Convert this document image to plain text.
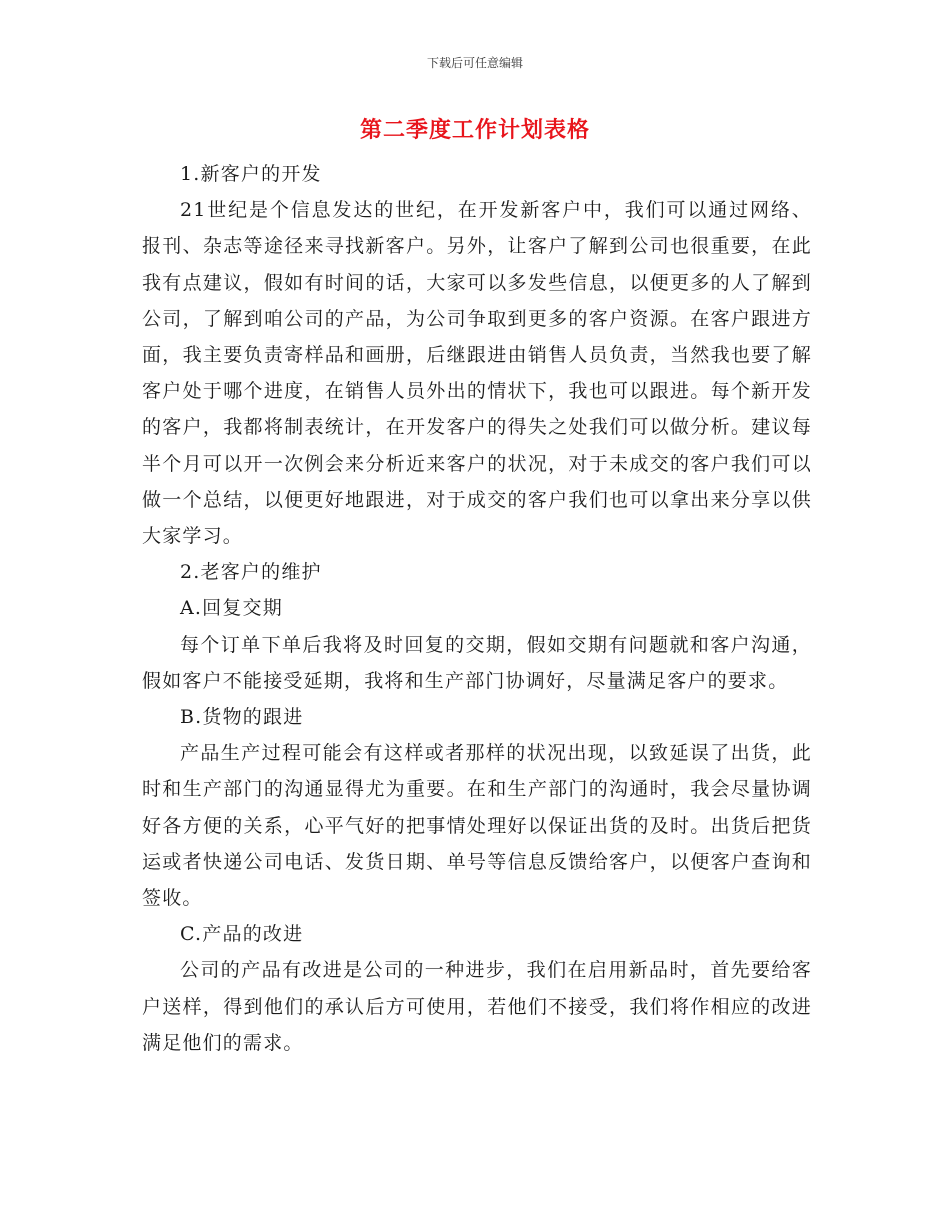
下载后可任意编辑
第二季度工作计划表格

1.新客户的开发

21世纪是个信息发达的世纪，在开发新客户中，我们可以通过网络、报刊、杂志等途径来寻找新客户。另外，让客户了解到公司也很重要，在此我有点建议，假如有时间的话，大家可以多发些信息，以便更多的人了解到公司，了解到咱公司的产品，为公司争取到更多的客户资源。在客户跟进方面，我主要负责寄样品和画册，后继跟进由销售人员负责，当然我也要了解客户处于哪个进度，在销售人员外出的情状下，我也可以跟进。每个新开发的客户，我都将制表统计，在开发客户的得失之处我们可以做分析。建议每半个月可以开一次例会来分析近来客户的状况，对于未成交的客户我们可以做一个总结，以便更好地跟进，对于成交的客户我们也可以拿出来分享以供大家学习。

2.老客户的维护

A.回复交期

每个订单下单后我将及时回复的交期，假如交期有问题就和客户沟通，假如客户不能接受延期，我将和生产部门协调好，尽量满足客户的要求。

B.货物的跟进

产品生产过程可能会有这样或者那样的状况出现，以致延误了出货，此时和生产部门的沟通显得尤为重要。在和生产部门的沟通时，我会尽量协调好各方便的关系，心平气好的把事情处理好以保证出货的及时。出货后把货运或者快递公司电话、发货日期、单号等信息反馈给客户，以便客户查询和签收。

C.产品的改进

公司的产品有改进是公司的一种进步，我们在启用新品时，首先要给客户送样，得到他们的承认后方可使用，若他们不接受，我们将作相应的改进满足他们的需求。
